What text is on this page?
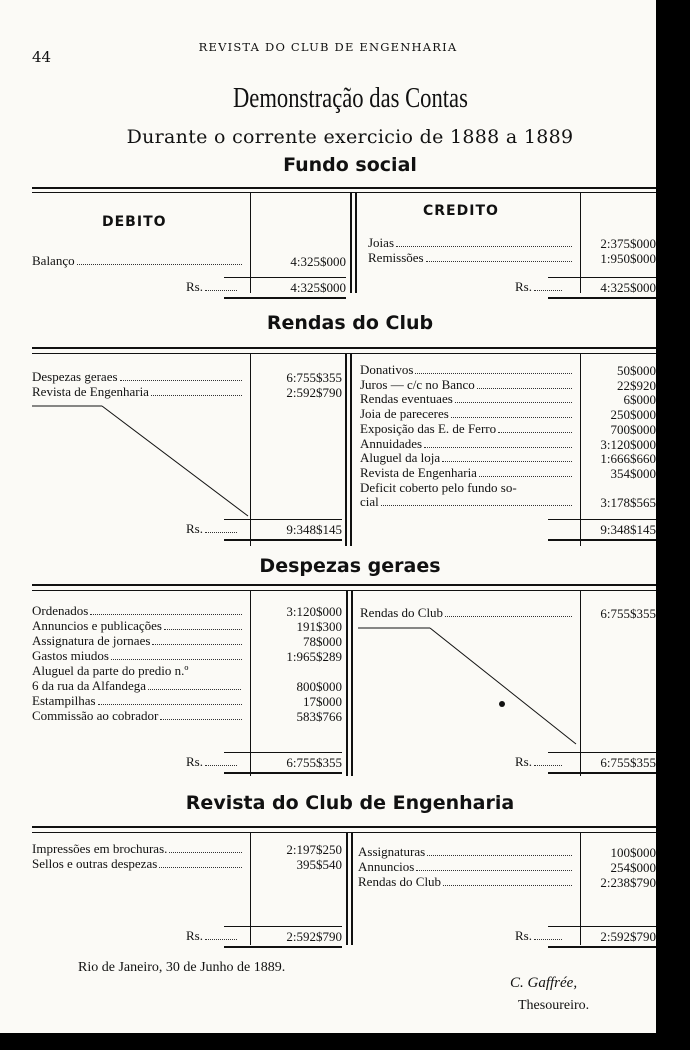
44
REVISTA DO CLUB DE ENGENHARIA
Demonstração das Contas
Durante o corrente exercicio de 1888 a 1889
Fundo social
DEBITO
CREDITO
Rendas do Club
Despezas geraes
Revista do Club de Engenharia
Rio de Janeiro, 30 de Junho de 1889.
C. Gaffrée,
Thesoureiro.
Balanço	4:325$000
Rs.	4:325$000
Joias	2:375$000
Remissões	1:950$000
Rs.	4:325$000
Despezas geraes	6:755$355
Revista de Engenharia	2:592$790
Rs.	9:348$145
Donativos	50$000
Juros — c/c no Banco	22$920
Rendas eventuaes	6$000
Joia de pareceres	250$000
Exposição das E. de Ferro	700$000
Annuidades	3:120$000
Aluguel da loja	1:666$660
Revista de Engenharia	354$000
Deficit coberto pelo fundo so-
cial	3:178$565
9:348$145
Ordenados	3:120$000
Annuncios e publicações	191$300
Assignatura de jornaes	78$000
Gastos miudos	1:965$289
Aluguel da parte do predio n.º
6 da rua da Alfandega	800$000
Estampilhas	17$000
Commissão ao cobrador	583$766
Rs.	6:755$355
Rendas do Club	6:755$355
Rs.	6:755$355
Impressões em brochuras.	2:197$250
Sellos e outras despezas	395$540
Rs.	2:592$790
Assignaturas	100$000
Annuncios	254$000
Rendas do Club	2:238$790
Rs.	2:592$790
